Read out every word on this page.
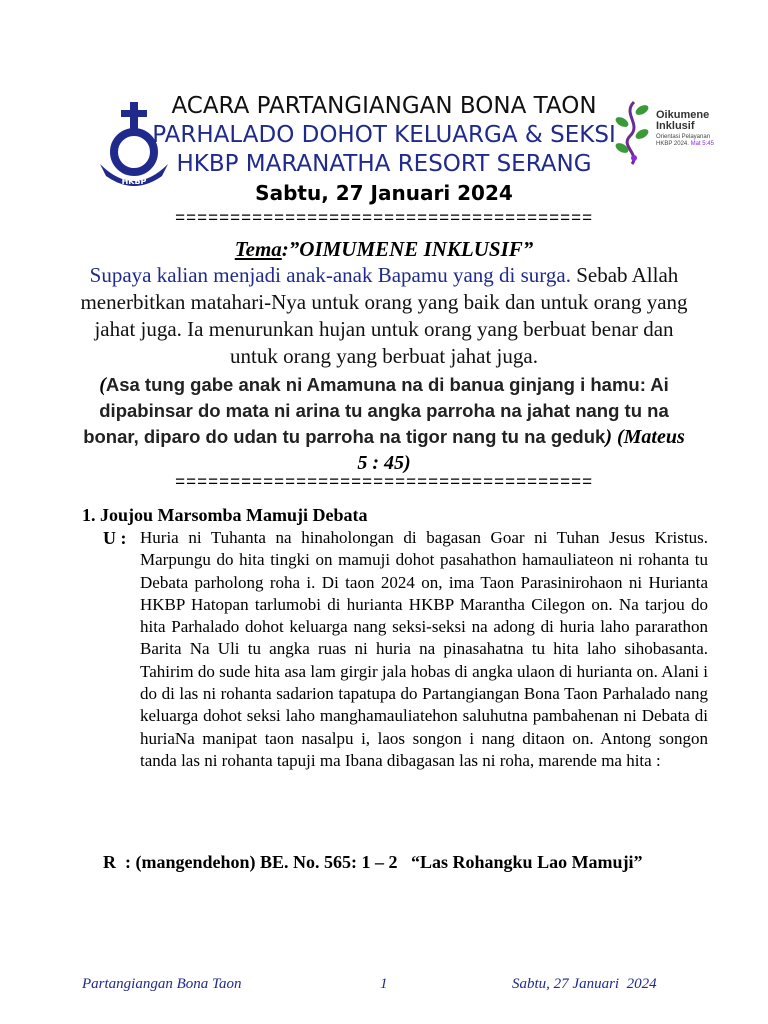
HKBP
Oikumene
Inklusif
Orientasi Pelayanan HKBP 2024. Mat 5:45
ACARA PARTANGIANGAN BONA TAON
PARHALADO DOHOT KELUARGA & SEKSI
HKBP MARANATHA RESORT SERANG
Sabtu, 27 Januari 2024
======================================
Tema:”OIMUMENE INKLUSIF”
Supaya kalian menjadi anak-anak Bapamu yang di surga. Sebab Allah menerbitkan matahari-Nya untuk orang yang baik dan untuk orang yang jahat juga. Ia menurunkan hujan untuk orang yang berbuat benar dan untuk orang yang berbuat jahat juga.
(Asa tung gabe anak ni Amamuna na di banua ginjang i hamu: Ai dipabinsar do mata ni arina tu angka parroha na jahat nang tu na bonar, diparo do udan tu parroha na tigor nang tu na geduk) (Mateus 5 : 45)
======================================
1. Joujou Marsomba Mamuji Debata
U : Huria ni Tuhanta na hinaholongan di bagasan Goar ni Tuhan Jesus Kristus. Marpungu do hita tingki on mamuji dohot pasahathon hamauliateon ni rohanta tu Debata parholong roha i. Di taon 2024 on, ima Taon Parasinirohaon ni Hurianta HKBP Hatopan tarlumobi di hurianta HKBP Marantha Cilegon on. Na tarjou do hita Parhalado dohot keluarga nang seksi-seksi na adong di huria laho pararathon Barita Na Uli tu angka ruas ni huria na pinasahatna tu hita laho sihobasanta. Tahirim do sude hita asa lam girgir jala hobas di angka ulaon di hurianta on. Alani i do di las ni rohanta sadarion tapatupa do Partangiangan Bona Taon Parhalado nang keluarga dohot seksi laho manghamauliatehon saluhutna pambahenan ni Debata di huriaNa manipat taon nasalpu i, laos songon i nang ditaon on. Antong songon tanda las ni rohanta tapuji ma Ibana dibagasan las ni roha, marende ma hita :
R  : (mangendehon) BE. No. 565: 1 – 2   “Las Rohangku Lao Mamuji”
Partangiangan Bona Taon	1	Sabtu, 27 Januari  2024
